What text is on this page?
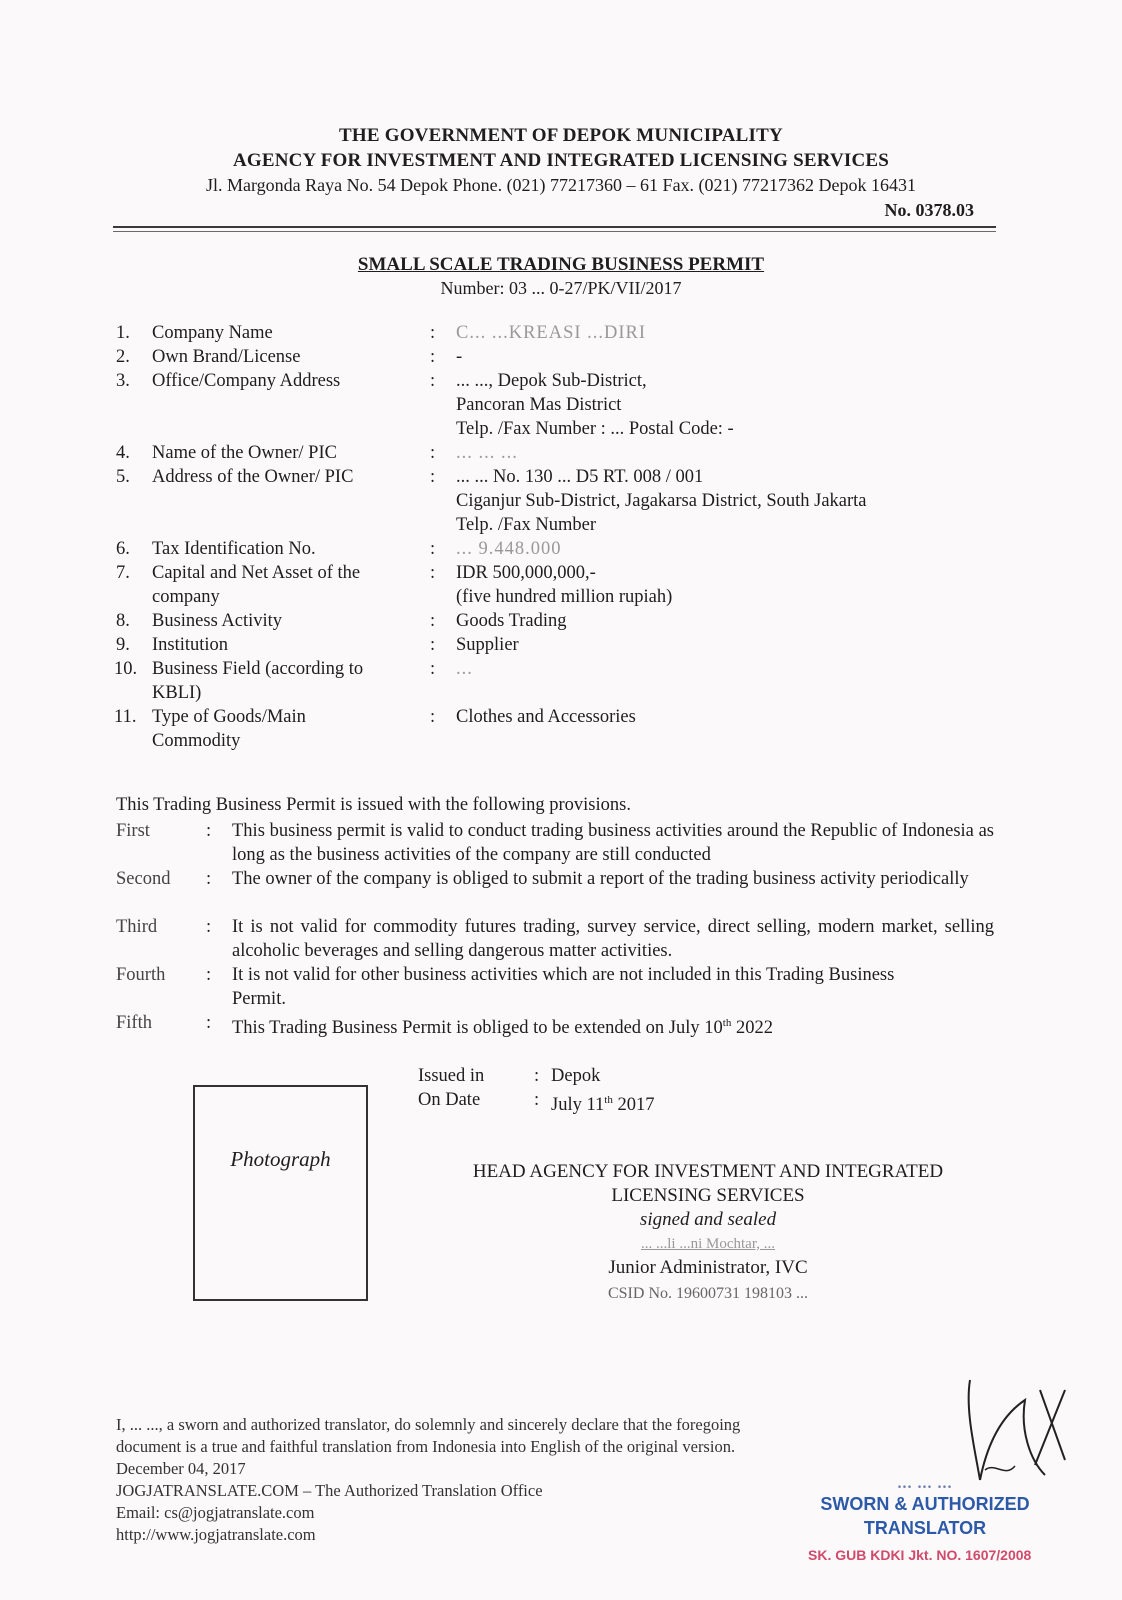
THE GOVERNMENT OF DEPOK MUNICIPALITY
AGENCY FOR INVESTMENT AND INTEGRATED LICENSING SERVICES
Jl. Margonda Raya No. 54 Depok Phone. (021) 77217360 – 61 Fax. (021) 77217362 Depok 16431
No. 0378.03
SMALL SCALE TRADING BUSINESS PERMIT
Number: 03 ... 0-27/PK/VII/2017
1.	Company Name	: C... ...KREASI ...DIRI
2.	Own Brand/License	: -
3.	Office/Company Address	: ... ..., Depok Sub-District,
Pancoran Mas District
Telp. /Fax Number : ... Postal Code: -
4.	Name of the Owner/ PIC	: ... ... ...
5.	Address of the Owner/ PIC	: ... ... No. 130 ... D5 RT. 008 / 001
Ciganjur Sub-District, Jagakarsa District, South Jakarta
Telp. /Fax Number
6.	Tax Identification No.	: ... 9.448.000
7.	Capital and Net Asset of the
company
: IDR 500,000,000,-
(five hundred million rupiah)
8.	Business Activity	: Goods Trading
9.	Institution	: Supplier
10. Business Field (according to
KBLI)
: ...
11. Type of Goods/Main
Commodity
: Clothes and Accessories
This Trading Business Permit is issued with the following provisions.
First	: This business permit is valid to conduct trading business activities around the Republic of Indonesia as long as the business activities of the company are still conducted
Second	: The owner of the company is obliged to submit a report of the trading business activity periodically
Third	: It is not valid for commodity futures trading, survey service, direct selling, modern market, selling alcoholic beverages and selling dangerous matter activities.
Fourth	: It is not valid for other business activities which are not included in this Trading Business Permit.
Fifth	: This Trading Business Permit is obliged to be extended on July 10th 2022
Issued in	: Depok
On Date	: July 11th 2017
Photograph
HEAD AGENCY FOR INVESTMENT AND INTEGRATED
LICENSING SERVICES
signed and sealed
... ...li ...ni Mochtar, ...
Junior Administrator, IVC
CSID No. 19600731 198103 ...
I, ... ..., a sworn and authorized translator, do solemnly and sincerely declare that the foregoing
document is a true and faithful translation from Indonesia into English of the original version.
December 04, 2017
JOGJATRANSLATE.COM – The Authorized Translation Office
Email: cs@jogjatranslate.com
http://www.jogjatranslate.com
... ... ...
SWORN & AUTHORIZED
TRANSLATOR
SK. GUB KDKI Jkt. NO. 1607/2008
